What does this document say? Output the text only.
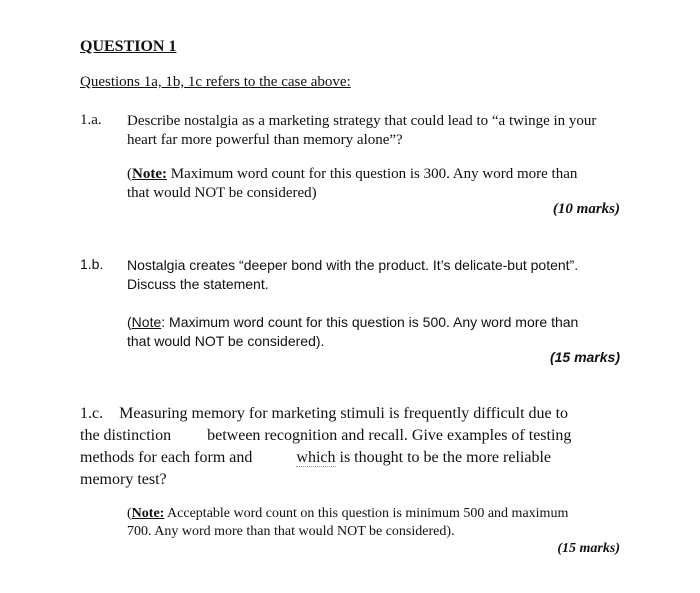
QUESTION 1
Questions 1a, 1b, 1c refers to the case above:
1.a. Describe nostalgia as a marketing strategy that could lead to “a twinge in your
heart far more powerful than memory alone”?
(Note: Maximum word count for this question is 300. Any word more than
that would NOT be considered)
(10 marks)
1.b. Nostalgia creates “deeper bond with the product. It’s delicate-but potent”.
Discuss the statement.
(Note: Maximum word count for this question is 500. Any word more than
that would NOT be considered).
(15 marks)
1.c. Measuring memory for marketing stimuli is frequently difficult due to
the distinction between recognition and recall. Give examples of testing
methods for each form and	which is thought to be the more reliable
memory test?
(Note: Acceptable word count on this question is minimum 500 and maximum
700. Any word more than that would NOT be considered).
(15 marks)
